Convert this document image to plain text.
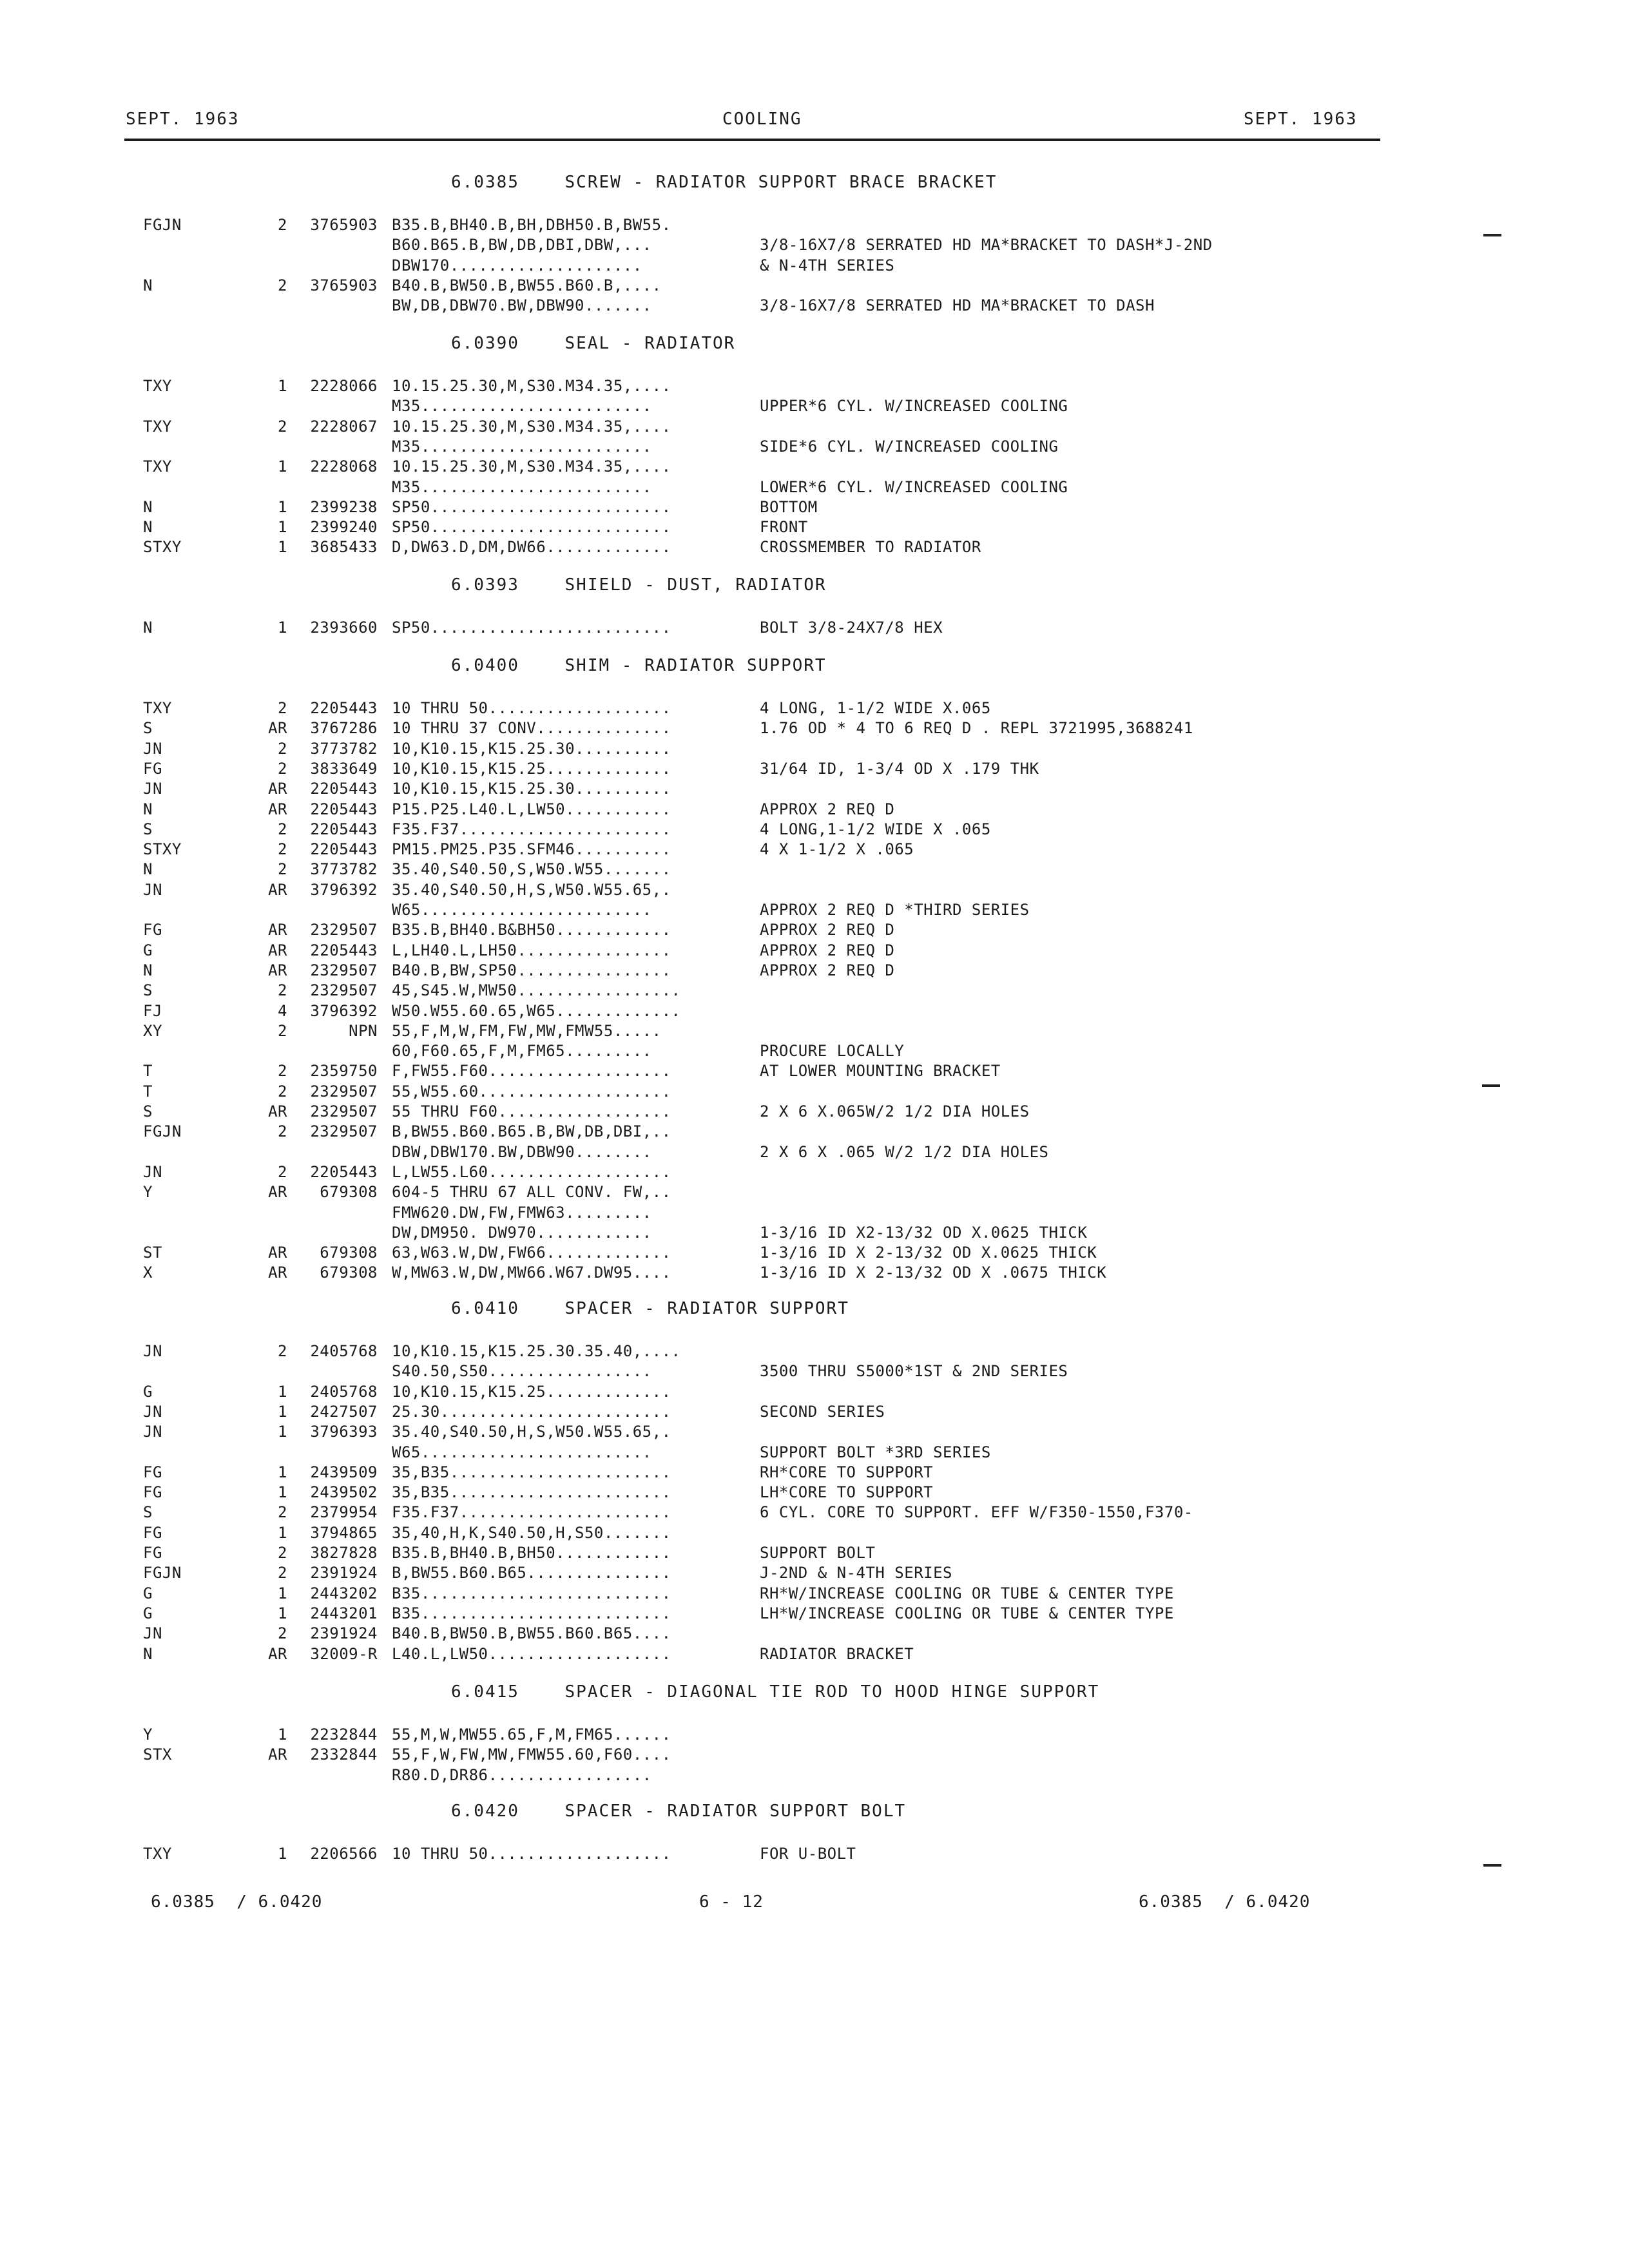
SEPT. 1963	COOLING	SEPT. 1963
6.0385    SCREW - RADIATOR SUPPORT BRACE BRACKET
FGJN	2	3765903 B35.B,BH40.B,BH,DBH50.B,BW55.
B60.B65.B,BW,DB,DBI,DBW,...	3/8-16X7/8 SERRATED HD MA*BRACKET TO DASH*J-2ND
DBW170....................	& N-4TH SERIES
N	2	3765903 B40.B,BW50.B,BW55.B60.B,....
BW,DB,DBW70.BW,DBW90.......	3/8-16X7/8 SERRATED HD MA*BRACKET TO DASH
6.0390    SEAL - RADIATOR
TXY	1	2228066 10.15.25.30,M,S30.M34.35,....
M35........................	UPPER*6 CYL. W/INCREASED COOLING
TXY	2	2228067 10.15.25.30,M,S30.M34.35,....
M35........................	SIDE*6 CYL. W/INCREASED COOLING
TXY	1	2228068 10.15.25.30,M,S30.M34.35,....
M35........................	LOWER*6 CYL. W/INCREASED COOLING
N	1	2399238 SP50.........................	BOTTOM
N	1	2399240 SP50.........................	FRONT
STXY	1	3685433 D,DW63.D,DM,DW66.............	CROSSMEMBER TO RADIATOR
6.0393    SHIELD - DUST, RADIATOR
N	1	2393660 SP50.........................	BOLT 3/8-24X7/8 HEX
6.0400    SHIM - RADIATOR SUPPORT
TXY	2	2205443 10 THRU 50...................	4 LONG, 1-1/2 WIDE X.065
S	AR	3767286 10 THRU 37 CONV..............	1.76 OD * 4 TO 6 REQ D . REPL 3721995,3688241
JN	2	3773782 10,K10.15,K15.25.30..........
FG	2	3833649 10,K10.15,K15.25.............	31/64 ID, 1-3/4 OD X .179 THK
JN	AR	2205443 10,K10.15,K15.25.30..........
N	AR	2205443 P15.P25.L40.L,LW50...........	APPROX 2 REQ D
S	2	2205443 F35.F37......................	4 LONG,1-1/2 WIDE X .065
STXY	2	2205443 PM15.PM25.P35.SFM46..........	4 X 1-1/2 X .065
N	2	3773782 35.40,S40.50,S,W50.W55.......
JN	AR	3796392 35.40,S40.50,H,S,W50.W55.65,.
W65........................	APPROX 2 REQ D *THIRD SERIES
FG	AR	2329507 B35.B,BH40.B&BH50............	APPROX 2 REQ D
G	AR	2205443 L,LH40.L,LH50................	APPROX 2 REQ D
N	AR	2329507 B40.B,BW,SP50................	APPROX 2 REQ D
S	2	2329507 45,S45.W,MW50.................
FJ	4	3796392 W50.W55.60.65,W65.............
XY	2	NPN 55,F,M,W,FM,FW,MW,FMW55.....
60,F60.65,F,M,FM65.........	PROCURE LOCALLY
T	2	2359750 F,FW55.F60...................	AT LOWER MOUNTING BRACKET
T	2	2329507 55,W55.60....................
S	AR	2329507 55 THRU F60..................	2 X 6 X.065W/2 1/2 DIA HOLES
FGJN	2	2329507 B,BW55.B60.B65.B,BW,DB,DBI,..
DBW,DBW170.BW,DBW90........	2 X 6 X .065 W/2 1/2 DIA HOLES
JN	2	2205443 L,LW55.L60...................
Y	AR	679308 604-5 THRU 67 ALL CONV. FW,..
FMW620.DW,FW,FMW63.........
DW,DM950. DW970............	1-3/16 ID X2-13/32 OD X.0625 THICK
ST	AR	679308 63,W63.W,DW,FW66.............	1-3/16 ID X 2-13/32 OD X.0625 THICK
X	AR	679308 W,MW63.W,DW,MW66.W67.DW95....	1-3/16 ID X 2-13/32 OD X .0675 THICK
6.0410    SPACER - RADIATOR SUPPORT
JN	2	2405768 10,K10.15,K15.25.30.35.40,....
S40.50,S50.................	3500 THRU S5000*1ST & 2ND SERIES
G	1	2405768 10,K10.15,K15.25.............
JN	1	2427507 25.30........................	SECOND SERIES
JN	1	3796393 35.40,S40.50,H,S,W50.W55.65,.
W65........................	SUPPORT BOLT *3RD SERIES
FG	1	2439509 35,B35.......................	RH*CORE TO SUPPORT
FG	1	2439502 35,B35.......................	LH*CORE TO SUPPORT
S	2	2379954 F35.F37......................	6 CYL. CORE TO SUPPORT. EFF W/F350-1550,F370-
FG	1	3794865 35,40,H,K,S40.50,H,S50.......
FG	2	3827828 B35.B,BH40.B,BH50............	SUPPORT BOLT
FGJN	2	2391924 B,BW55.B60.B65...............	J-2ND & N-4TH SERIES
G	1	2443202 B35..........................	RH*W/INCREASE COOLING OR TUBE & CENTER TYPE
G	1	2443201 B35..........................	LH*W/INCREASE COOLING OR TUBE & CENTER TYPE
JN	2	2391924 B40.B,BW50.B,BW55.B60.B65....
N	AR	32009-R L40.L,LW50...................	RADIATOR BRACKET
6.0415    SPACER - DIAGONAL TIE ROD TO HOOD HINGE SUPPORT
Y	1	2232844 55,M,W,MW55.65,F,M,FM65......
STX	AR	2332844 55,F,W,FW,MW,FMW55.60,F60....
R80.D,DR86.................
6.0420    SPACER - RADIATOR SUPPORT BOLT
TXY	1	2206566 10 THRU 50...................	FOR U-BOLT
6.0385  / 6.0420	6 - 12	6.0385  / 6.0420
